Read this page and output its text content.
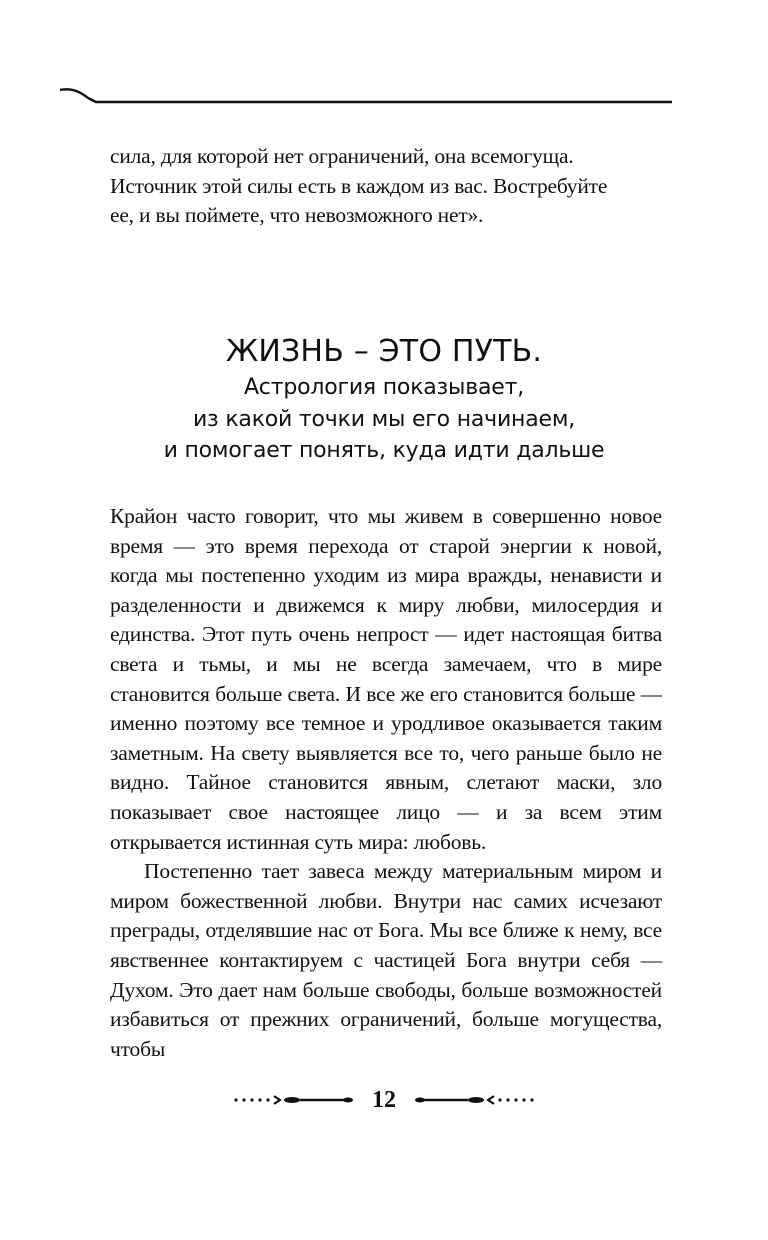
сила, для которой нет ограничений, она всемогуща.

Источник этой силы есть в каждом из вас. Востребуйте

ее, и вы поймете, что невозможного нет».

ЖИЗНЬ – ЭТО ПУТЬ.
Астрология показывает,
из какой точки мы его начинаем,
и помогает понять, куда идти дальше

Крайон часто говорит, что мы живем в совершенно новое время — это время перехода от старой энергии к новой, когда мы постепенно уходим из мира вражды, ненависти и разделенности и движемся к миру любви, милосердия и единства. Этот путь очень непрост — идет настоящая битва света и тьмы, и мы не всегда замечаем, что в мире становится больше света. И все же его становится больше — именно поэтому все темное и уродливое оказывается таким заметным. На свету выявляется все то, чего раньше было не видно. Тайное становится явным, слетают маски, зло показывает свое настоящее лицо — и за всем этим открывается истинная суть мира: любовь.

Постепенно тает завеса между материальным миром и миром божественной любви. Внутри нас самих исчезают преграды, отделявшие нас от Бога. Мы все ближе к нему, все явственнее контактируем с частицей Бога внутри себя — Духом. Это дает нам больше свободы, больше возможностей избавиться от прежних ограничений, больше могущества, чтобы

12
